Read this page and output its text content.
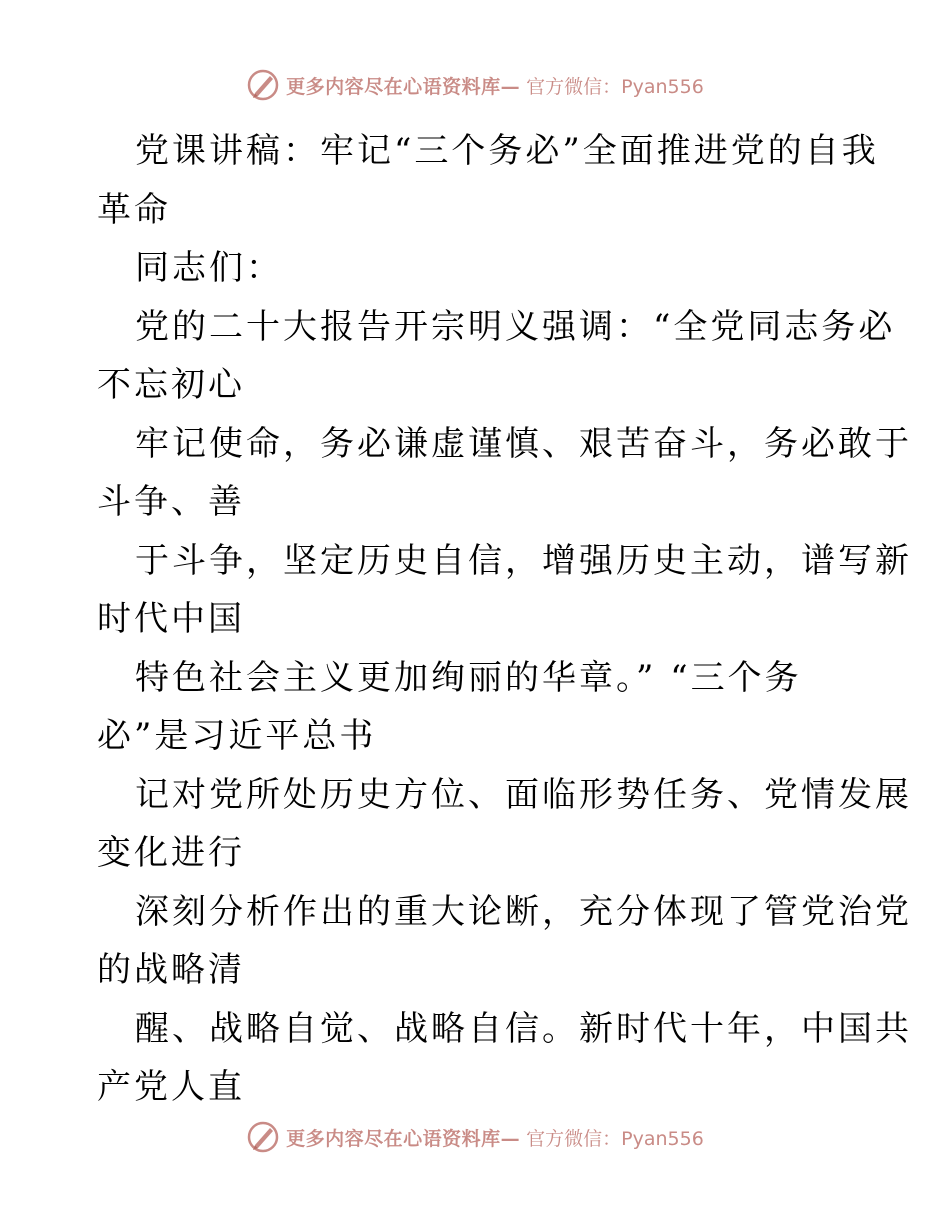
更多内容尽在心语资料库— 官方微信：Pyan556
党课讲稿：牢记“三个务必”全面推进党的自我
革命
同志们：
党的二十大报告开宗明义强调：“全党同志务必
不忘初心
牢记使命，务必谦虚谨慎、艰苦奋斗，务必敢于
斗争、善
于斗争，坚定历史自信，增强历史主动，谱写新
时代中国
特色社会主义更加绚丽的华章。” “三个务
必”是习近平总书
记对党所处历史方位、面临形势任务、党情发展
变化进行
深刻分析作出的重大论断，充分体现了管党治党
的战略清
醒、战略自觉、战略自信。新时代十年，中国共
产党人直
更多内容尽在心语资料库— 官方微信：Pyan556
